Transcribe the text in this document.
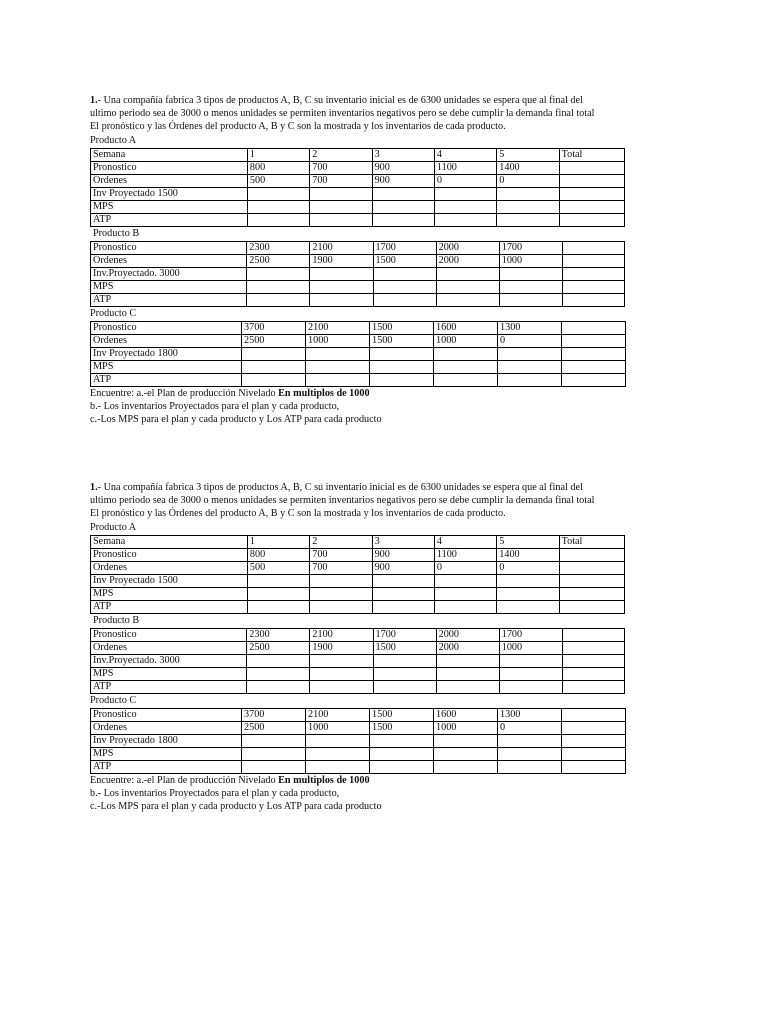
1.- Una compañía fabrica 3 tipos de productos A, B, C su inventario inicial es de 6300 unidades se espera que al final del
ultimo periodo sea de 3000 o menos unidades se permiten inventarios negativos pero se debe cumplir la demanda final total
El pronóstico y las Órdenes del producto A, B y C son la mostrada y los inventarios de cada producto.

Producto A
Semana	1	2	3	4	5	Total
Pronostico	800	700	900	1100	1400	
Ordenes	500	700	900	0	0	
Inv Proyectado 1500						
MPS						
ATP						
Producto B
Pronostico	2300	2100	1700	2000	1700	
Ordenes	2500	1900	1500	2000	1000	
Inv.Proyectado. 3000						
MPS						
ATP						
Producto C
Pronostico	3700	2100	1500	1600	1300	
Ordenes	2500	1000	1500	1000	0	
Inv Proyectado 1800						
MPS						
ATP						
Encuentre: a.-el Plan de producción Nivelado En multiplos de 1000
b.- Los inventarios Proyectados para el plan y cada producto,
c.-Los MPS para el plan y cada producto y Los ATP para cada producto

1.- Una compañía fabrica 3 tipos de productos A, B, C su inventario inicial es de 6300 unidades se espera que al final del
ultimo periodo sea de 3000 o menos unidades se permiten inventarios negativos pero se debe cumplir la demanda final total
El pronóstico y las Órdenes del producto A, B y C son la mostrada y los inventarios de cada producto.

Producto A
Semana	1	2	3	4	5	Total
Pronostico	800	700	900	1100	1400	
Ordenes	500	700	900	0	0	
Inv Proyectado 1500						
MPS						
ATP						
Producto B
Pronostico	2300	2100	1700	2000	1700	
Ordenes	2500	1900	1500	2000	1000	
Inv.Proyectado. 3000						
MPS						
ATP						
Producto C
Pronostico	3700	2100	1500	1600	1300	
Ordenes	2500	1000	1500	1000	0	
Inv Proyectado 1800						
MPS						
ATP						
Encuentre: a.-el Plan de producción Nivelado En multiplos de 1000
b.- Los inventarios Proyectados para el plan y cada producto,
c.-Los MPS para el plan y cada producto y Los ATP para cada producto
